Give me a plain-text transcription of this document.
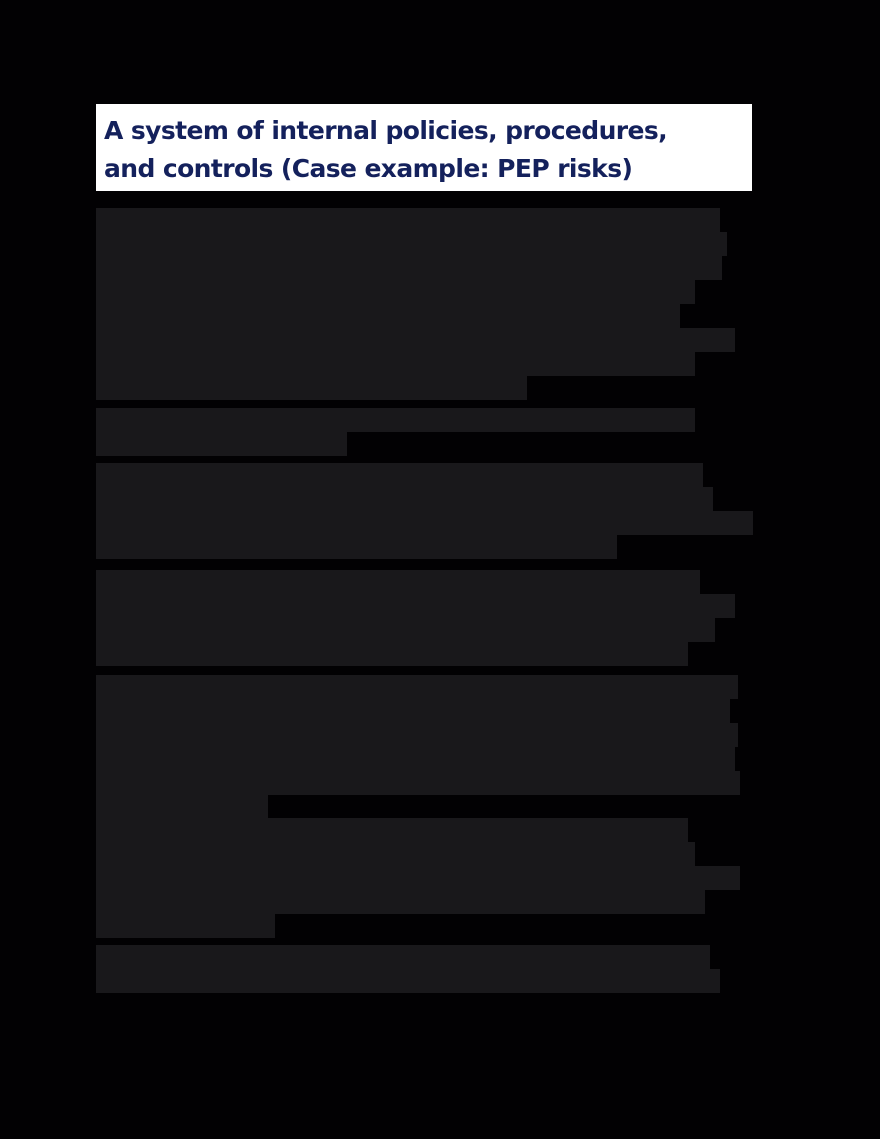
A system of internal policies, procedures,
and controls (Case example: PEP risks)
